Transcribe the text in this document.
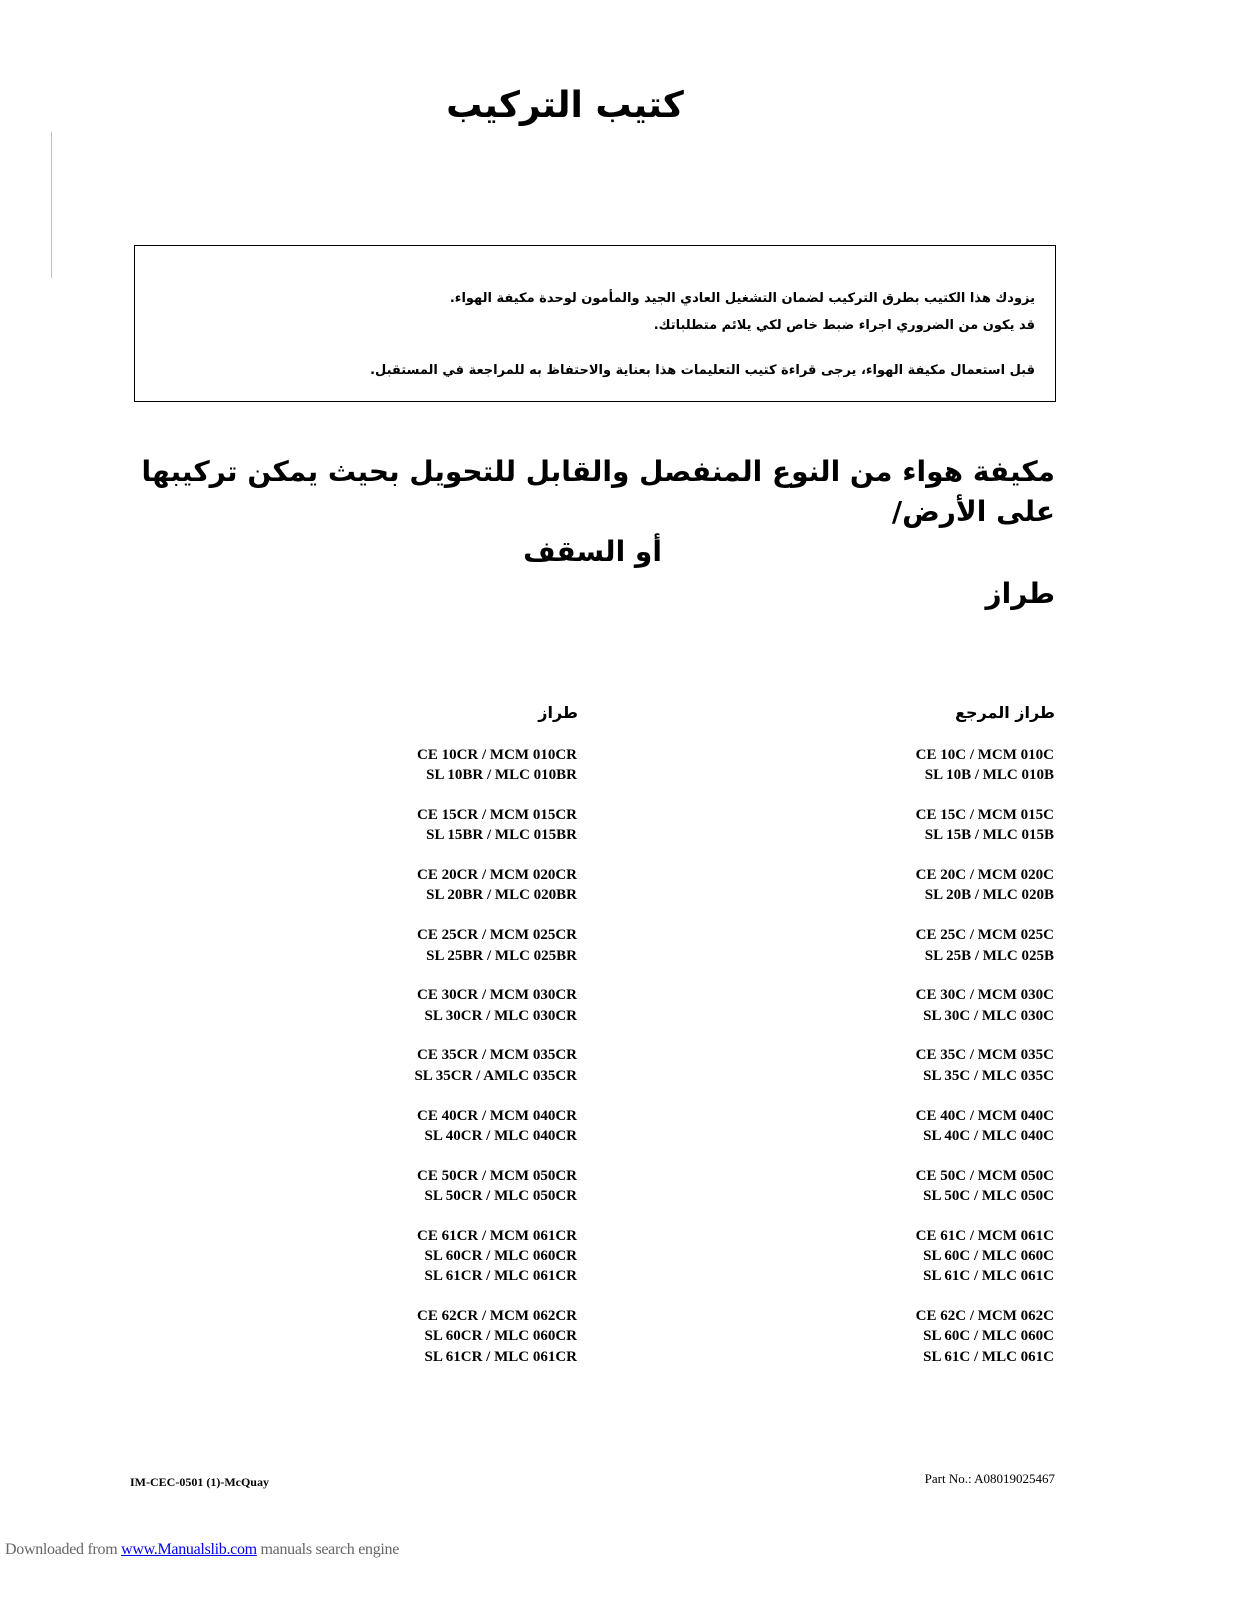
كتيب التركيب
يزودك هذا الكتيب بطرق التركيب لضمان التشغيل العادي الجيد والمأمون لوحدة مكيفة الهواء.
قد يكون من الضروري اجراء ضبط خاص لكي يلائم متطلباتك.
قبل استعمال مكيفة الهواء، يرجى قراءة كتيب التعليمات هذا بعناية والاحتفاظ به للمراجعة في المستقبل.
مكيفة هواء من النوع المنفصل والقابل للتحويل بحيث يمكن تركيبها على الأرض/
أو السقف
طراز
طراز المرجع
طراز
CE 10C / MCM 010C
SL 10B / MLC 010B
CE 15C / MCM 015C
SL 15B / MLC 015B
CE 20C / MCM 020C
SL 20B / MLC 020B
CE 25C / MCM 025C
SL 25B / MLC 025B
CE 30C / MCM 030C
SL 30C / MLC 030C
CE 35C / MCM 035C
SL 35C / MLC 035C
CE 40C / MCM 040C
SL 40C / MLC 040C
CE 50C / MCM 050C
SL 50C / MLC 050C
CE 61C / MCM 061C
SL 60C / MLC 060C
SL 61C / MLC 061C
CE 62C / MCM 062C
SL 60C / MLC 060C
SL 61C / MLC 061C
CE 10CR / MCM 010CR
SL 10BR / MLC 010BR
CE 15CR / MCM 015CR
SL 15BR / MLC 015BR
CE 20CR / MCM 020CR
SL 20BR / MLC 020BR
CE 25CR / MCM 025CR
SL 25BR / MLC 025BR
CE 30CR / MCM 030CR
SL 30CR / MLC 030CR
CE 35CR / MCM 035CR
SL 35CR / AMLC 035CR
CE 40CR / MCM 040CR
SL 40CR / MLC 040CR
CE 50CR / MCM 050CR
SL 50CR / MLC 050CR
CE 61CR / MCM 061CR
SL 60CR / MLC 060CR
SL 61CR / MLC 061CR
CE 62CR / MCM 062CR
SL 60CR / MLC 060CR
SL 61CR / MLC 061CR
IM-CEC-0501 (1)-McQuay	Part No.: A08019025467
Downloaded from www.Manualslib.com manuals search engine
